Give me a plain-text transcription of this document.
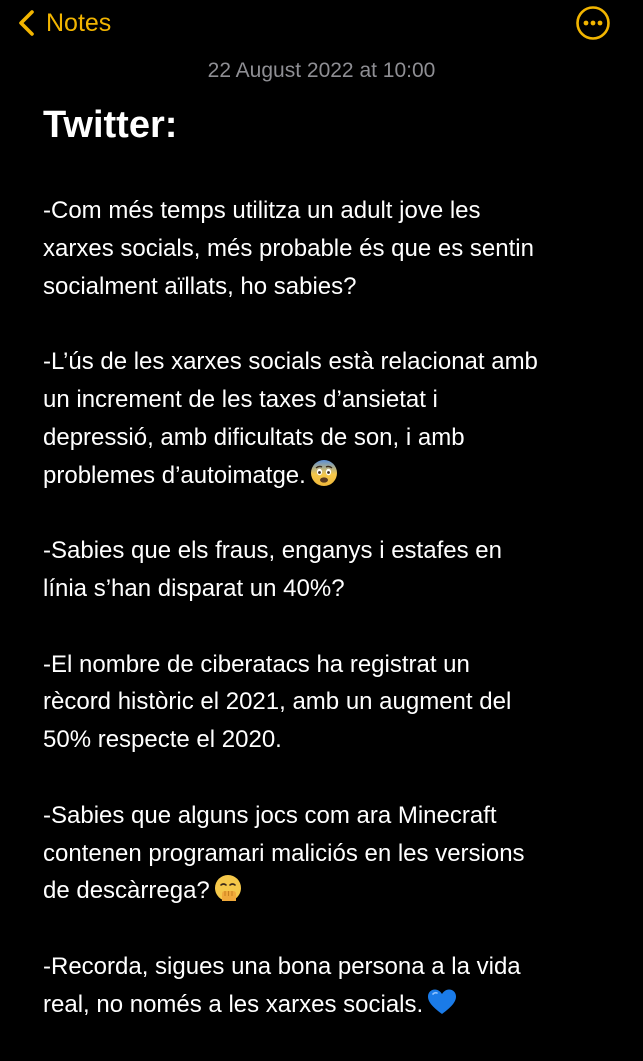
Notes
22 August 2022 at 10:00
Twitter:

-Com més temps utilitza un adult jove les
xarxes socials, més probable és que es sentin
socialment aïllats, ho sabies?

-L’ús de les xarxes socials està relacionat amb
un increment de les taxes d’ansietat i
depressió, amb dificultats de son, i amb
problemes d’autoimatge.

-Sabies que els fraus, enganys i estafes en
línia s’han disparat un 40%?

-El nombre de ciberatacs ha registrat un
rècord històric el 2021, amb un augment del
50% respecte el 2020.

-Sabies que alguns jocs com ara Minecraft
contenen programari maliciós en les versions
de descàrrega?

-Recorda, sigues una bona persona a la vida
real, no només a les xarxes socials.
